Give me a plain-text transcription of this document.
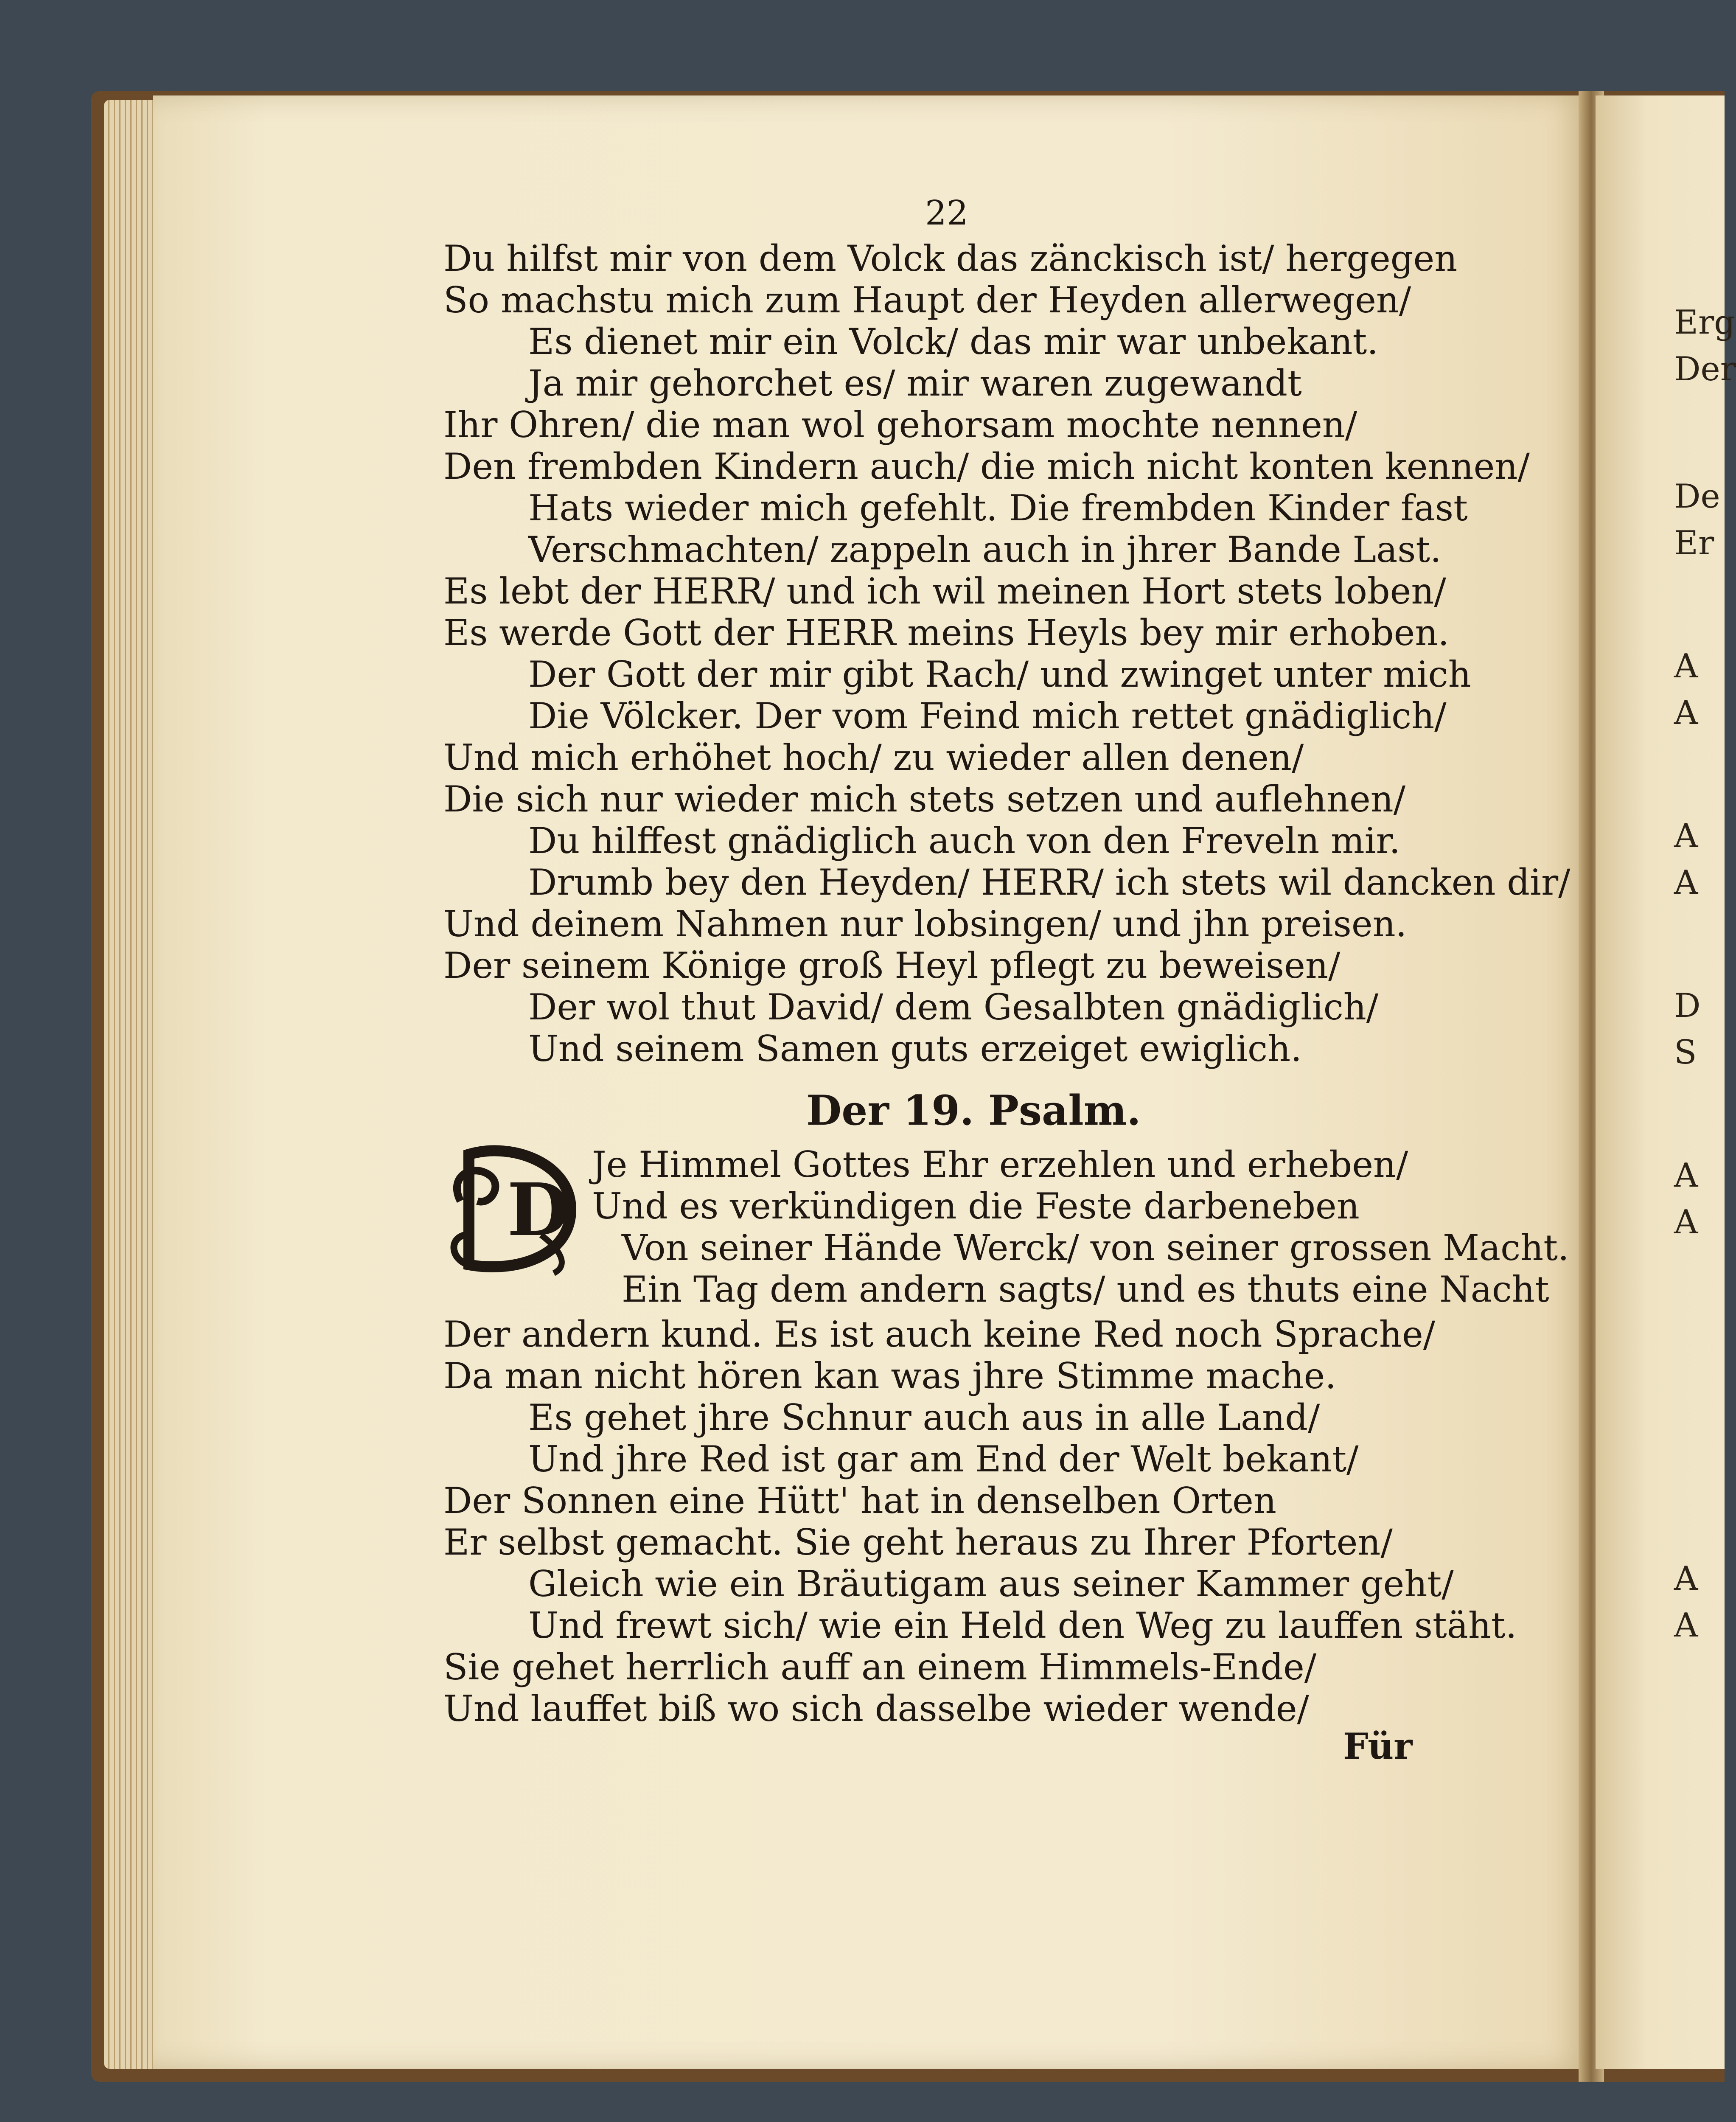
Erg
Der
De
Er
A
A
A
A
D
S
A
A
A
A
22
Du hilfst mir von dem Volck das zänckisch ist/ hergegen
So machstu mich zum Haupt der Heyden allerwegen/
Es dienet mir ein Volck/ das mir war unbekant.
Ja mir gehorchet es/ mir waren zugewandt
Ihr Ohren/ die man wol gehorsam mochte nennen/
Den frembden Kindern auch/ die mich nicht konten kennen/
Hats wieder mich gefehlt. Die frembden Kinder fast
Verschmachten/ zappeln auch in jhrer Bande Last.
Es lebt der HERR/ und ich wil meinen Hort stets loben/
Es werde Gott der HERR meins Heyls bey mir erhoben.
Der Gott der mir gibt Rach/ und zwinget unter mich
Die Völcker. Der vom Feind mich rettet gnädiglich/
Und mich erhöhet hoch/ zu wieder allen denen/
Die sich nur wieder mich stets setzen und auflehnen/
Du hilffest gnädiglich auch von den Freveln mir.
Drumb bey den Heyden/ HERR/ ich stets wil dancken dir/
Und deinem Nahmen nur lobsingen/ und jhn preisen.
Der seinem Könige groß Heyl pflegt zu beweisen/
Der wol thut David/ dem Gesalbten gnädiglich/
Und seinem Samen guts erzeiget ewiglich.
Der 19. Psalm.
D
Je Himmel Gottes Ehr erzehlen und erheben/
Und es verkündigen die Feste darbeneben
Von seiner Hände Werck/ von seiner grossen Macht.
Ein Tag dem andern sagts/ und es thuts eine Nacht
Der andern kund. Es ist auch keine Red noch Sprache/
Da man nicht hören kan was jhre Stimme mache.
Es gehet jhre Schnur auch aus in alle Land/
Und jhre Red ist gar am End der Welt bekant/
Der Sonnen eine Hütt' hat in denselben Orten
Er selbst gemacht. Sie geht heraus zu Ihrer Pforten/
Gleich wie ein Bräutigam aus seiner Kammer geht/
Und frewt sich/ wie ein Held den Weg zu lauffen stäht.
Sie gehet herrlich auff an einem Himmels-Ende/
Und lauffet biß wo sich dasselbe wieder wende/
Für
